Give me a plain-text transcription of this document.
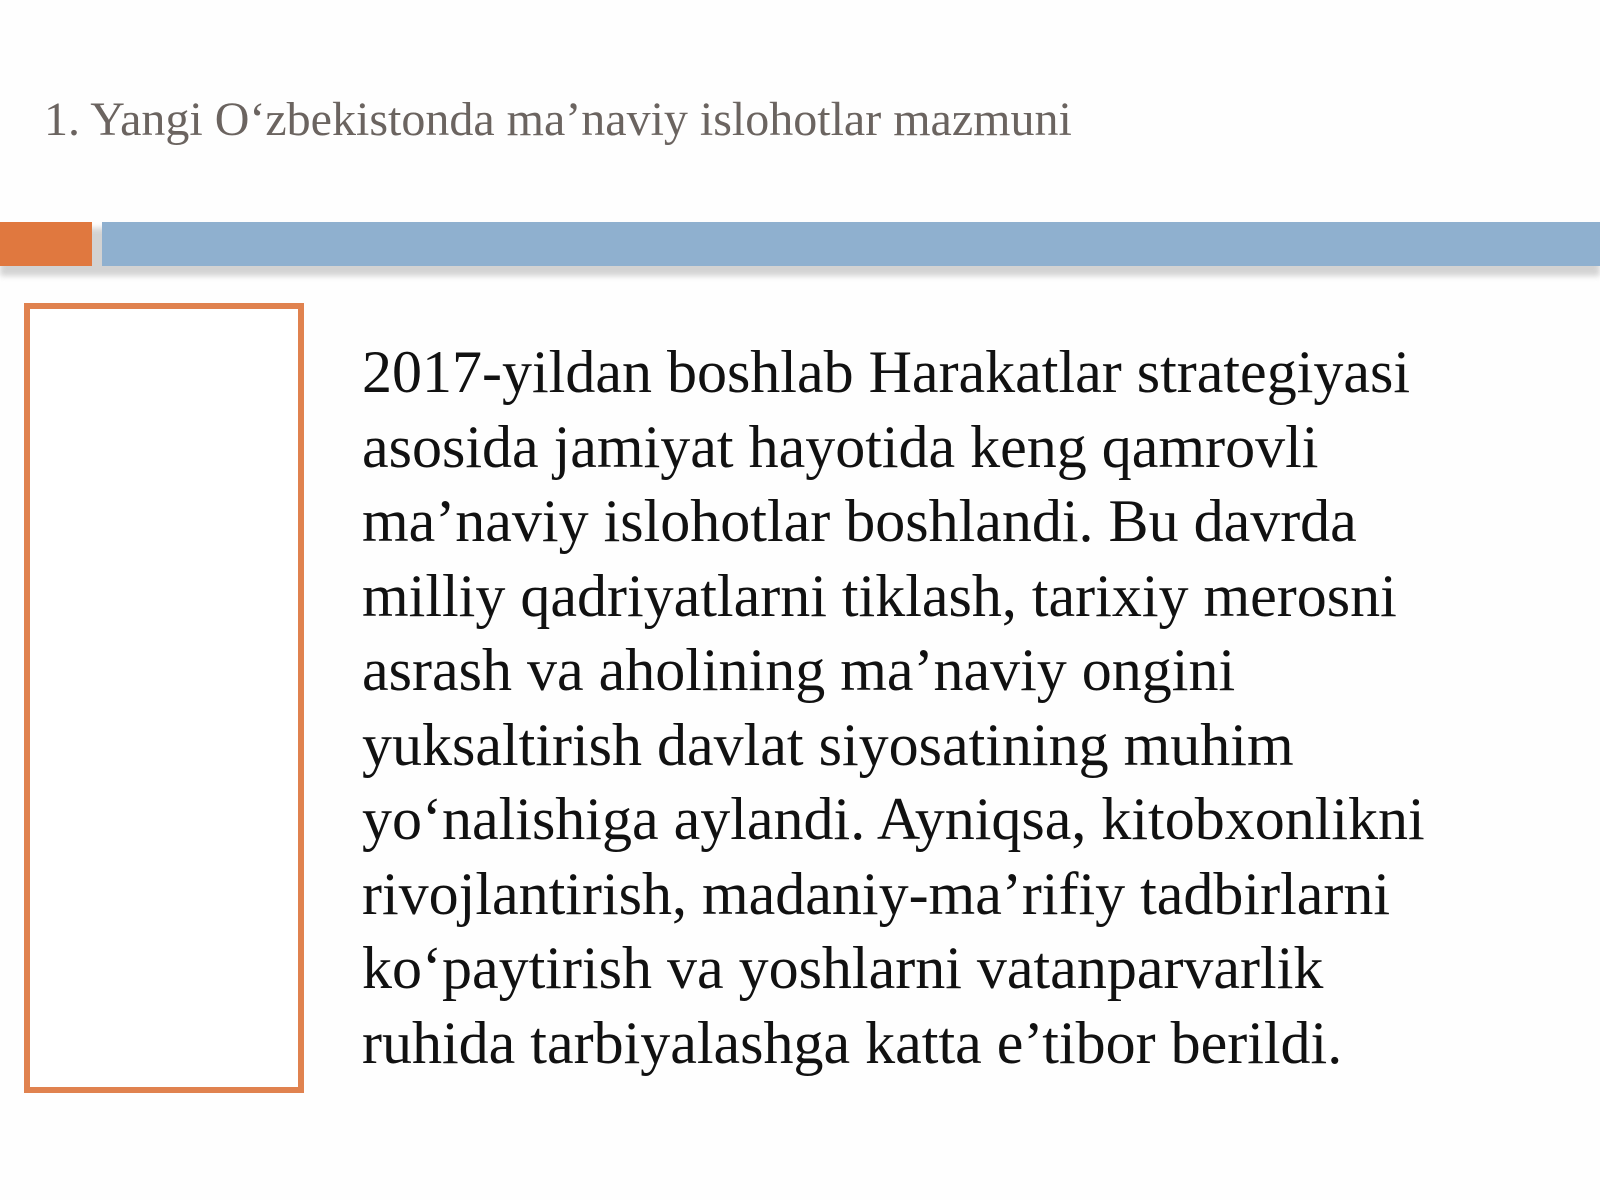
1. Yangi O‘zbekistonda ma’naviy islohotlar mazmuni
2017-yildan boshlab Harakatlar strategiyasi
asosida jamiyat hayotida keng qamrovli
ma’naviy islohotlar boshlandi. Bu davrda
milliy qadriyatlarni tiklash, tarixiy merosni
asrash va aholining ma’naviy ongini
yuksaltirish davlat siyosatining muhim
yo‘nalishiga aylandi. Ayniqsa, kitobxonlikni
rivojlantirish, madaniy-ma’rifiy tadbirlarni
ko‘paytirish va yoshlarni vatanparvarlik
ruhida tarbiyalashga katta e’tibor berildi.
